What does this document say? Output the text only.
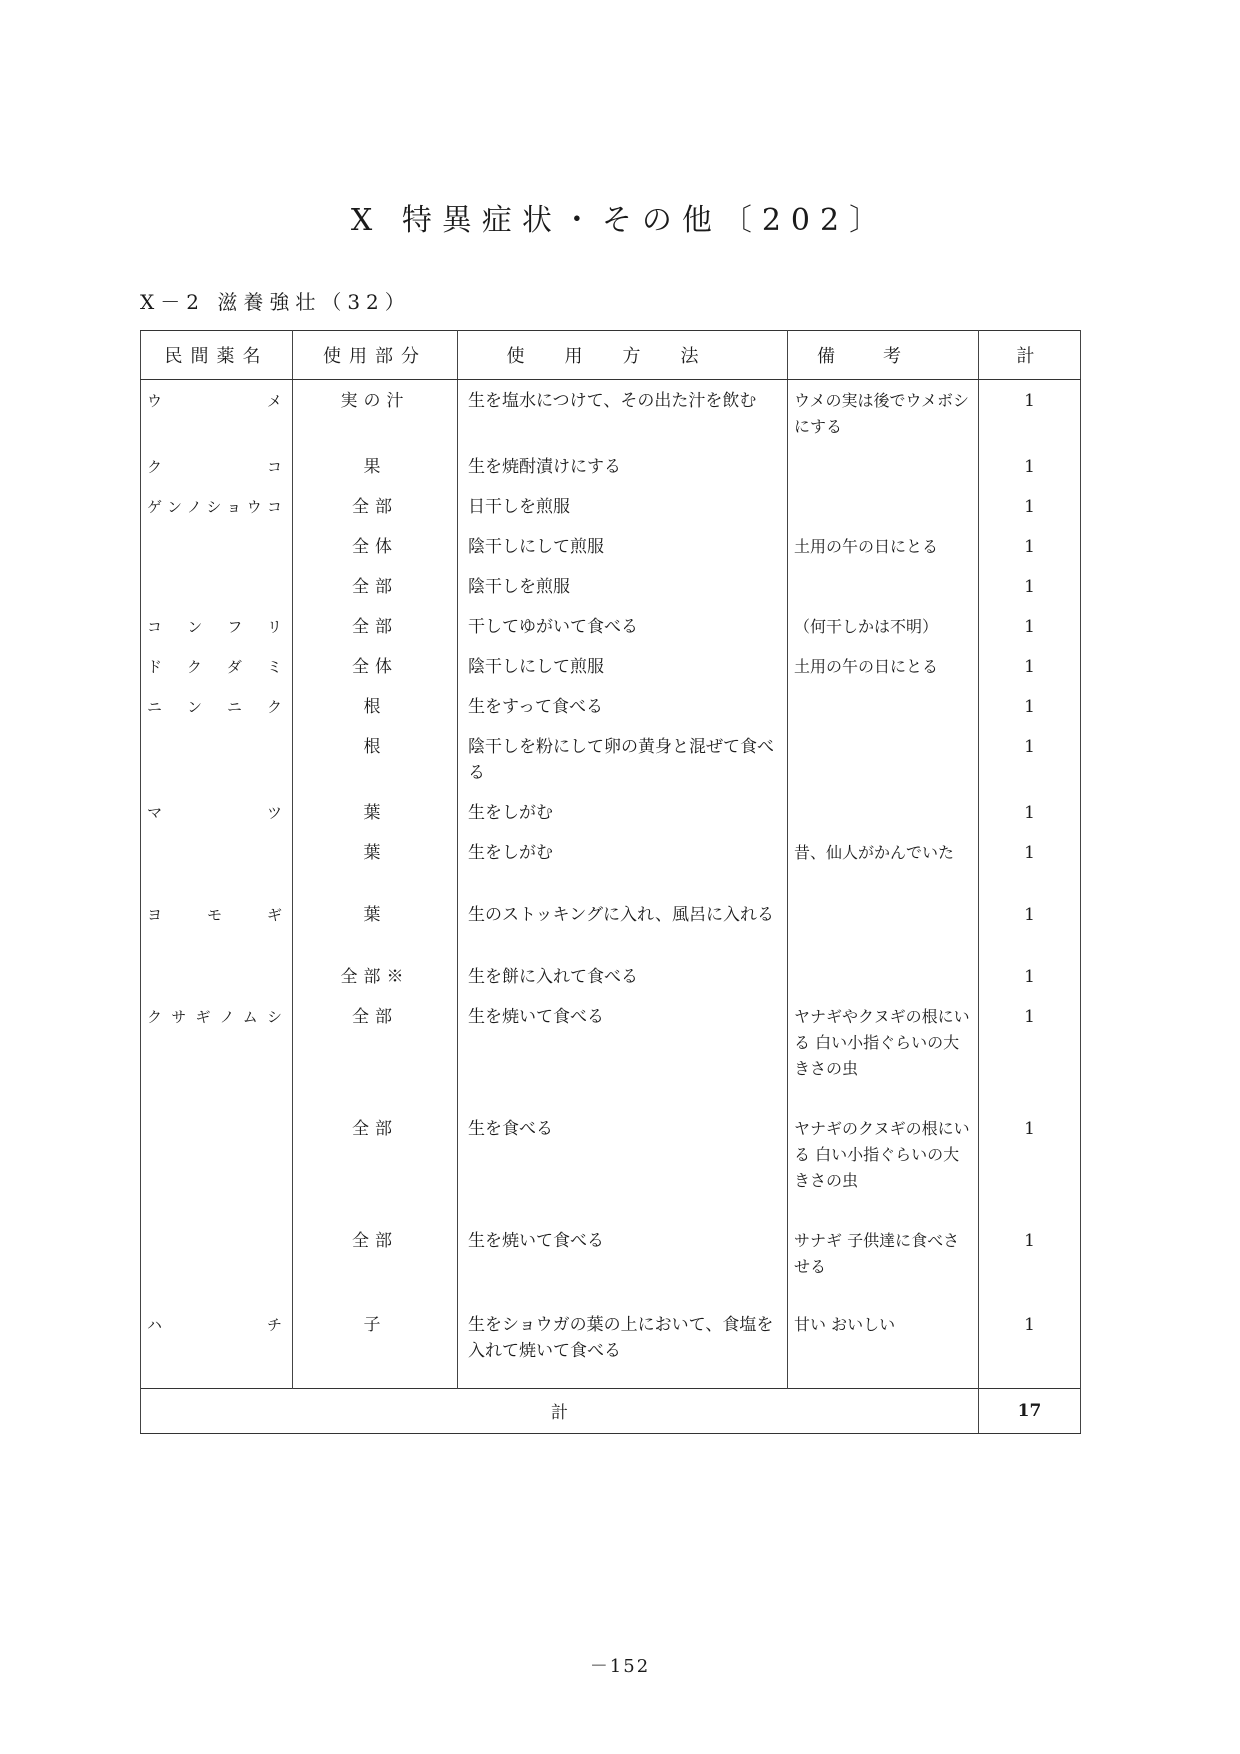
X 特異症状・その他〔202〕
X－2 滋養強壮（32）
民間薬名	使用部分	使用方法	備考	計
ウメ	実の汁	生を塩水につけて、その出た汁を飲む	ウメの実は後でウメボシにする	1
クコ	果	生を焼酎漬けにする		1
ゲンノショウコ	全部	日干しを煎服		1
	全体	陰干しにして煎服	土用の午の日にとる	1
	全部	陰干しを煎服		1
コンフリ	全部	干してゆがいて食べる	（何干しかは不明）	1
ドクダミ	全体	陰干しにして煎服	土用の午の日にとる	1
ニンニク	根	生をすって食べる		1
	根	陰干しを粉にして卵の黄身と混ぜて食べる		1
マツ	葉	生をしがむ		1
	葉	生をしがむ	昔、仙人がかんでいた	1
ヨモギ	葉	生のストッキングに入れ、風呂に入れる		1
	全部※	生を餅に入れて食べる		1
クサギノムシ	全部	生を焼いて食べる	ヤナギやクヌギの根にいる 白い小指ぐらいの大きさの虫	1
	全部	生を食べる	ヤナギのクヌギの根にいる 白い小指ぐらいの大きさの虫	1
	全部	生を焼いて食べる	サナギ 子供達に食べさせる	1
ハチ	子	生をショウガの葉の上において、食塩を入れて焼いて食べる	甘い おいしい	1
計				17
－152
